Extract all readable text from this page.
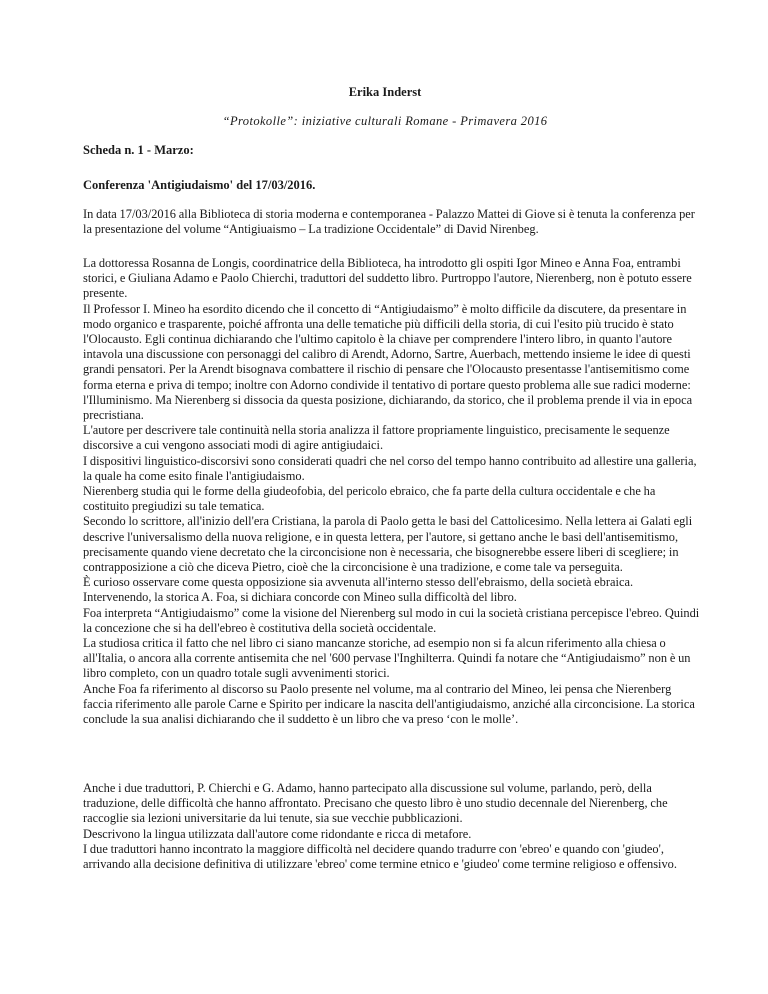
Erika Inderst

“Protokolle”: iniziative culturali Romane - Primavera 2016

Scheda n. 1 - Marzo:

Conferenza 'Antigiudaismo' del 17/03/2016.

In data 17/03/2016 alla Biblioteca di storia moderna e contemporanea - Palazzo Mattei di Giove si è tenuta la conferenza per la presentazione del volume “Antigiuaismo – La tradizione Occidentale” di David Nirenbeg.

La dottoressa Rosanna de Longis, coordinatrice della Biblioteca, ha introdotto gli ospiti Igor Mineo e Anna Foa, entrambi storici, e Giuliana Adamo e Paolo Chierchi, traduttori del suddetto libro. Purtroppo l'autore, Nierenberg, non è potuto essere presente.

Il Professor I. Mineo ha esordito dicendo che il concetto di “Antigiudaismo” è molto difficile da discutere, da presentare in modo organico e trasparente, poiché affronta una delle tematiche più difficili della storia, di cui l'esito più trucido è stato l'Olocausto. Egli continua dichiarando che l'ultimo capitolo è la chiave per comprendere l'intero libro, in quanto l'autore intavola una discussione con personaggi del calibro di Arendt, Adorno, Sartre, Auerbach, mettendo insieme le idee di questi grandi pensatori. Per la Arendt bisognava combattere il rischio di pensare che l'Olocausto presentasse l'antisemitismo come forma eterna e priva di tempo; inoltre con Adorno condivide il tentativo di portare questo problema alle sue radici moderne: l'Illuminismo. Ma Nierenberg si dissocia da questa posizione, dichiarando, da storico, che il problema prende il via in epoca precristiana.

L'autore per descrivere tale continuità nella storia analizza il fattore propriamente linguistico, precisamente le sequenze discorsive a cui vengono associati modi di agire antigiudaici.

I dispositivi linguistico-discorsivi sono considerati quadri che nel corso del tempo hanno contribuito ad allestire una galleria, la quale ha come esito finale l'antigiudaismo.

Nierenberg studia qui le forme della giudeofobia, del pericolo ebraico, che fa parte della cultura occidentale e che ha costituito pregiudizi su tale tematica.

Secondo lo scrittore, all'inizio dell'era Cristiana, la parola di Paolo getta le basi del Cattolicesimo. Nella lettera ai Galati egli descrive l'universalismo della nuova religione, e in questa lettera, per l'autore, si gettano anche le basi dell'antisemitismo, precisamente quando viene decretato che la circoncisione non è necessaria, che bisognerebbe essere liberi di scegliere; in contrapposizione a ciò che diceva Pietro, cioè che la circoncisione è una tradizione, e come tale va perseguita.

È curioso osservare come questa opposizione sia avvenuta all'interno stesso dell'ebraismo, della società ebraica.

Intervenendo, la storica A. Foa, si dichiara concorde con Mineo sulla difficoltà del libro.

Foa interpreta “Antigiudaismo” come la visione del Nierenberg sul modo in cui la società cristiana percepisce l'ebreo. Quindi la concezione che si ha dell'ebreo è costitutiva della società occidentale.

La studiosa critica il fatto che nel libro ci siano mancanze storiche, ad esempio non si fa alcun riferimento alla chiesa o all'Italia, o ancora alla corrente antisemita che nel '600 pervase l'Inghilterra. Quindi fa notare che “Antigiudaismo” non è un libro completo, con un quadro totale sugli avvenimenti storici.

Anche Foa fa riferimento al discorso su Paolo presente nel volume, ma al contrario del Mineo, lei pensa che Nierenberg faccia riferimento alle parole Carne e Spirito per indicare la nascita dell'antigiudaismo, anziché alla circoncisione. La storica conclude la sua analisi dichiarando che il suddetto è un libro che va preso ‘con le molle’.

Anche i due traduttori, P. Chierchi e G. Adamo, hanno partecipato alla discussione sul volume, parlando, però, della traduzione, delle difficoltà che hanno affrontato. Precisano che questo libro è uno studio decennale del Nierenberg, che raccoglie sia lezioni universitarie da lui tenute, sia sue vecchie pubblicazioni.

Descrivono la lingua utilizzata dall'autore come ridondante e ricca di metafore.

I due traduttori hanno incontrato la maggiore difficoltà nel decidere quando tradurre con 'ebreo' e quando con 'giudeo', arrivando alla decisione definitiva di utilizzare 'ebreo' come termine etnico e 'giudeo' come termine religioso e offensivo.
